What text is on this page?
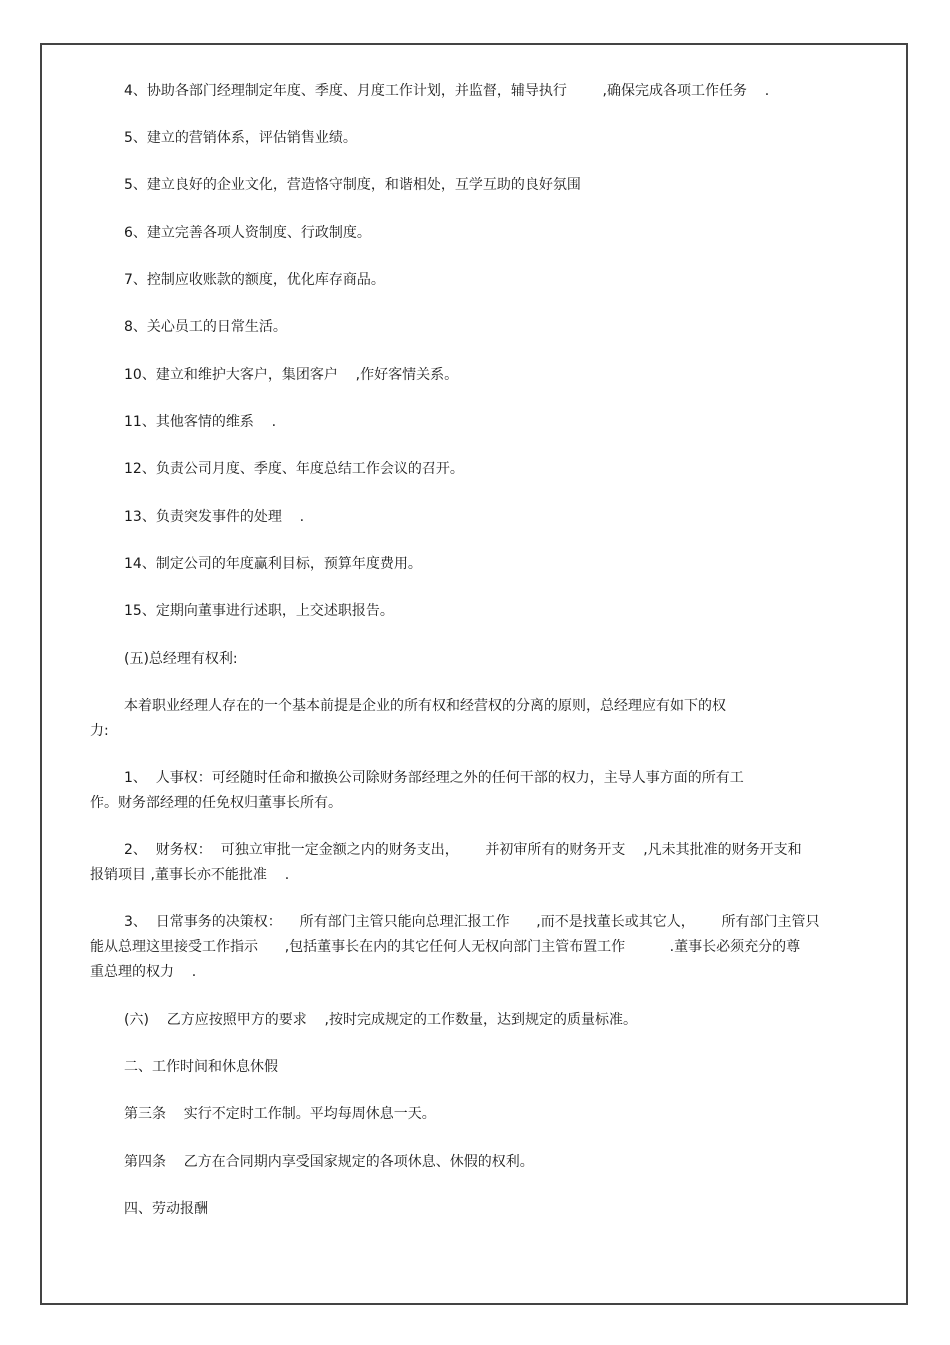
4、协助各部门经理制定年度、季度、月度工作计划，并监督，辅导执行        ,确保完成各项工作任务    .
5、建立的营销体系，评估销售业绩。
5、建立良好的企业文化，营造恪守制度，和谐相处，互学互助的良好氛围
6、建立完善各项人资制度、行政制度。
7、控制应收账款的额度，优化库存商品。
8、关心员工的日常生活。
10、建立和维护大客户，集团客户    ,作好客情关系。
11、其他客情的维系    .
12、负责公司月度、季度、年度总结工作会议的召开。
13、负责突发事件的处理    .
14、制定公司的年度赢利目标，预算年度费用。
15、定期向董事进行述职，上交述职报告。
(五)总经理有权利:
本着职业经理人存在的一个基本前提是企业的所有权和经营权的分离的原则，总经理应有如下的权
力:
1、  人事权：可经随时任命和撤换公司除财务部经理之外的任何干部的权力，主导人事方面的所有工
作。财务部经理的任免权归董事长所有。
2、  财务权：  可独立审批一定金额之内的财务支出，      并初审所有的财务开支    ,凡未其批准的财务开支和
报销项目 ,董事长亦不能批准    .
3、  日常事务的决策权：    所有部门主管只能向总理汇报工作      ,而不是找董长或其它人，      所有部门主管只
能从总理这里接受工作指示      ,包括董事长在内的其它任何人无权向部门主管布置工作          .董事长必须充分的尊
重总理的权力    .
(六)    乙方应按照甲方的要求    ,按时完成规定的工作数量，达到规定的质量标准。
二、工作时间和休息休假
第三条    实行不定时工作制。平均每周休息一天。
第四条    乙方在合同期内享受国家规定的各项休息、休假的权利。
四、劳动报酬
